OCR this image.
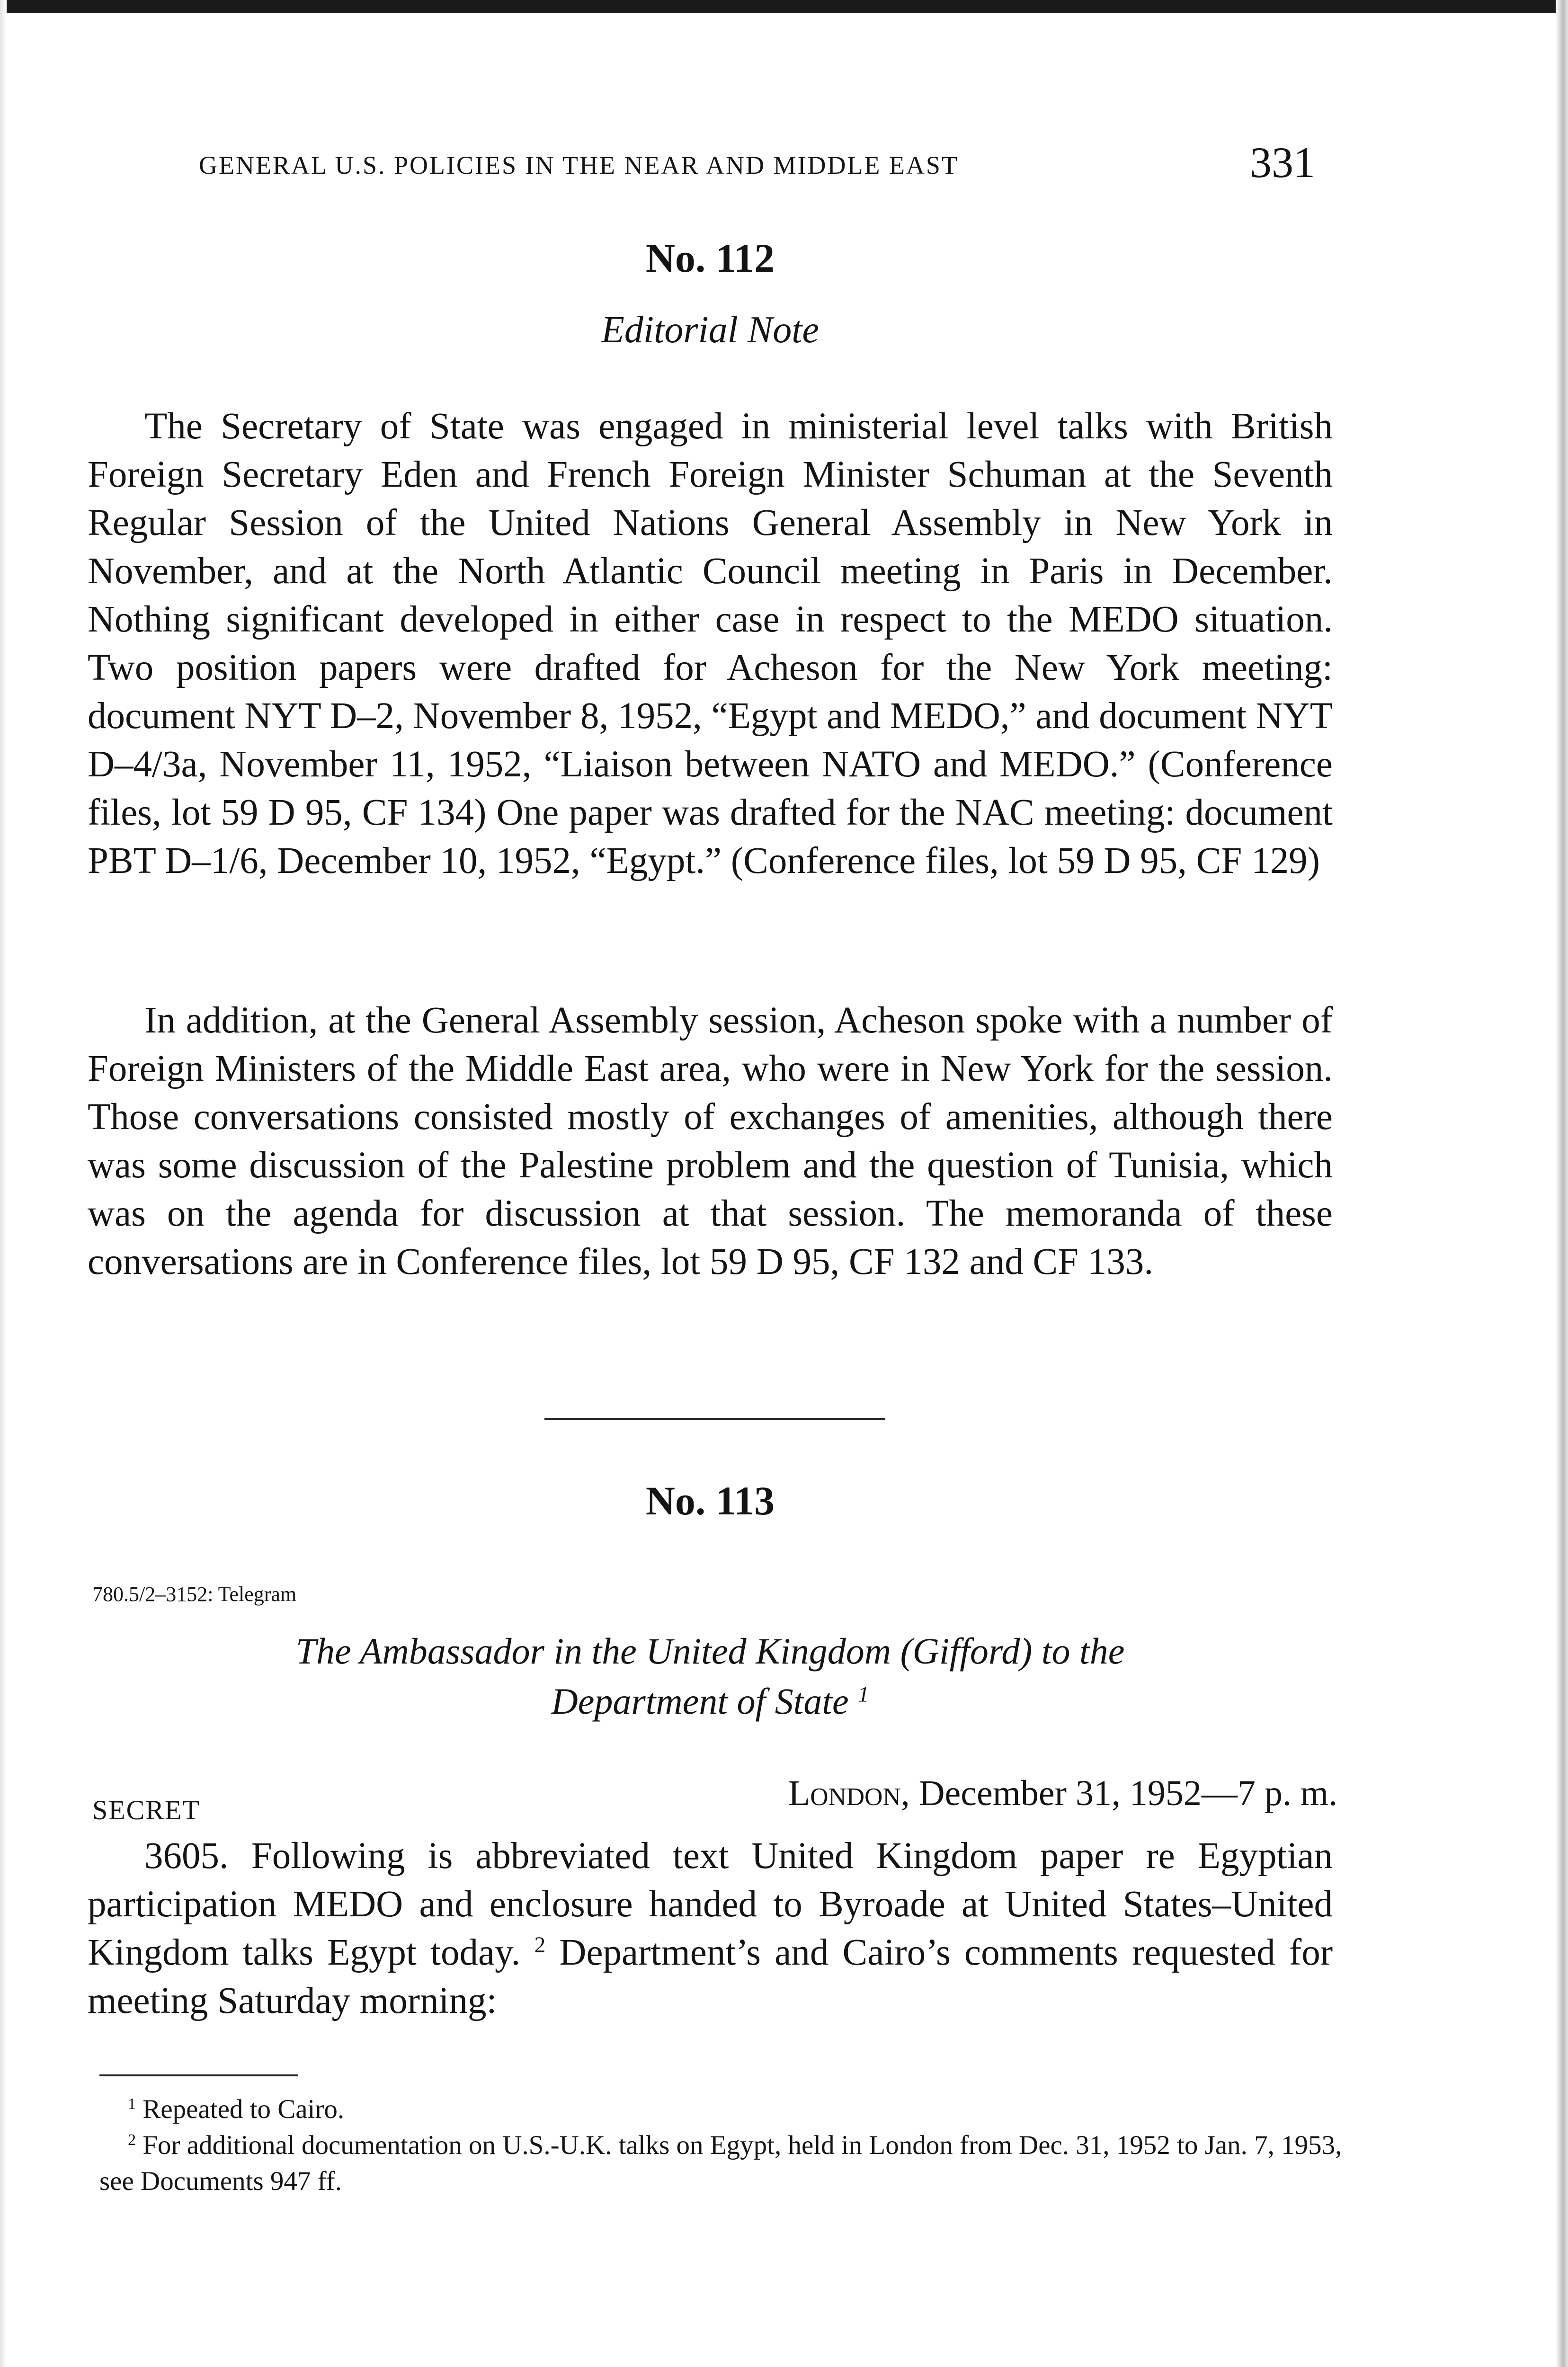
GENERAL U.S. POLICIES IN THE NEAR AND MIDDLE EAST	331
No. 112
Editorial Note

The Secretary of State was engaged in ministerial level talks with British Foreign Secretary Eden and French Foreign Minister Schuman at the Seventh Regular Session of the United Nations General Assembly in New York in November, and at the North Atlantic Council meeting in Paris in December. Nothing significant developed in either case in respect to the MEDO situation. Two position papers were drafted for Acheson for the New York meeting: document NYT D–2, November 8, 1952, “Egypt and MEDO,” and document NYT D–4/3a, November 11, 1952, “Liaison between NATO and MEDO.” (Conference files, lot 59 D 95, CF 134) One paper was drafted for the NAC meeting: document PBT D–1/6, December 10, 1952, “Egypt.” (Conference files, lot 59 D 95, CF 129)

In addition, at the General Assembly session, Acheson spoke with a number of Foreign Ministers of the Middle East area, who were in New York for the session. Those conversations consisted mostly of exchanges of amenities, although there was some discussion of the Palestine problem and the question of Tunisia, which was on the agenda for discussion at that session. The memoranda of these conversations are in Conference files, lot 59 D 95, CF 132 and CF 133.

No. 113
780.5/2–3152: Telegram
The Ambassador in the United Kingdom (Gifford) to the
Department of State $^1$
SECRET	London, December 31, 1952—7 p. m.

3605. Following is abbreviated text United Kingdom paper re Egyptian participation MEDO and enclosure handed to Byroade at United States–United Kingdom talks Egypt today. $^2$ Department’s and Cairo’s comments requested for meeting Saturday morning:

$^1$ Repeated to Cairo.

$^2$ For additional documentation on U.S.-U.K. talks on Egypt, held in London from Dec. 31, 1952 to Jan. 7, 1953, see Documents 947 ff.
